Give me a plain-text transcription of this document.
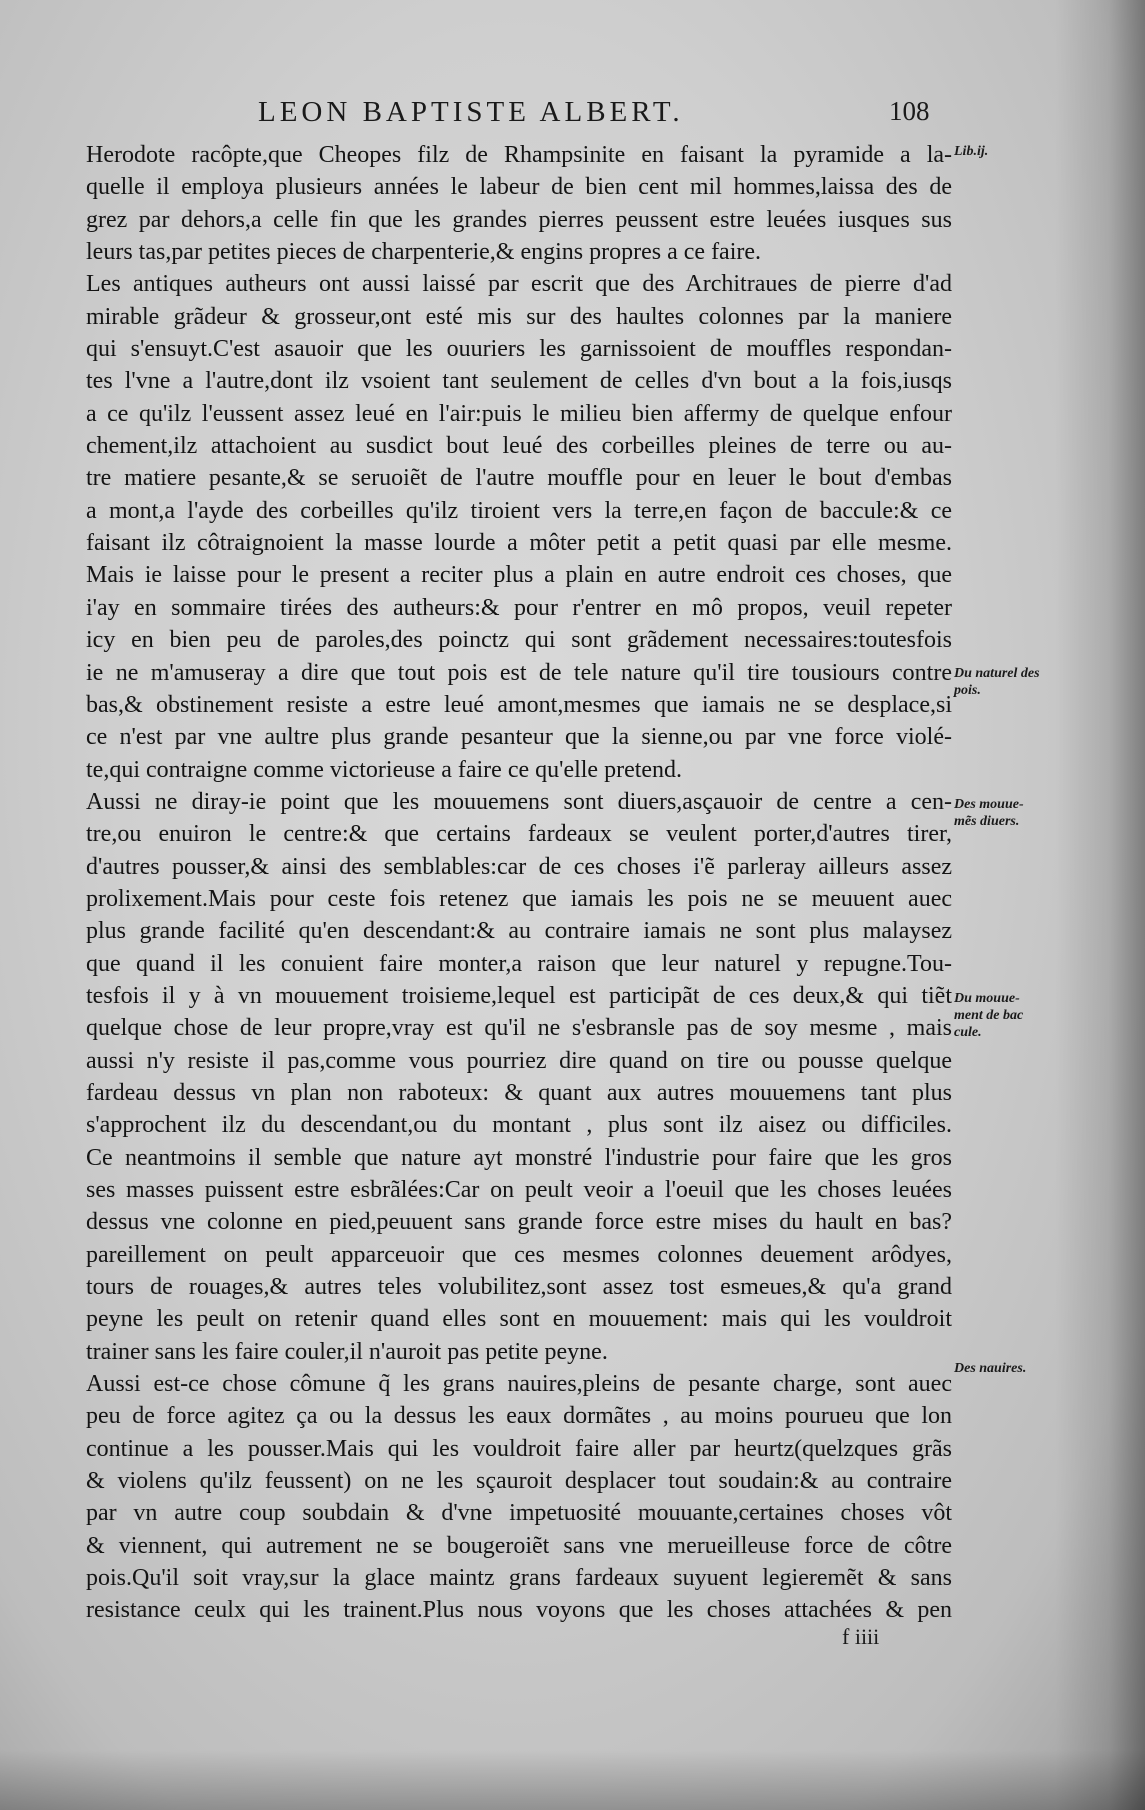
LEON BAPTISTE ALBERT.	108
Herodote racôpte,que Cheopes filz de Rhampsinite en faisant la pyramide a la-
quelle il employa plusieurs années le labeur de bien cent mil hommes,laissa des de
grez par dehors,a celle fin que les grandes pierres peussent estre leuées iusques sus
leurs tas,par petites pieces de charpenterie,& engins propres a ce faire.
Les antiques autheurs ont aussi laissé par escrit que des Architraues de pierre d'ad
mirable grãdeur & grosseur,ont esté mis sur des haultes colonnes par la maniere
qui s'ensuyt.C'est asauoir que les ouuriers les garnissoient de mouffles respondan-
tes l'vne a l'autre,dont ilz vsoient tant seulement de celles d'vn bout a la fois,iusqs
a ce qu'ilz l'eussent assez leué en l'air:puis le milieu bien affermy de quelque enfour
chement,ilz attachoient au susdict bout leué des corbeilles pleines de terre ou au-
tre matiere pesante,& se seruoiẽt de l'autre mouffle pour en leuer le bout d'embas
a mont,a l'ayde des corbeilles qu'ilz tiroient vers la terre,en façon de baccule:& ce
faisant ilz côtraignoient la masse lourde a môter petit a petit quasi par elle mesme.
Mais ie laisse pour le present a reciter plus a plain en autre endroit ces choses, que
i'ay en sommaire tirées des autheurs:& pour r'entrer en mô propos, veuil repeter
icy en bien peu de paroles,des poinctz qui sont grãdement necessaires:toutesfois
ie ne m'amuseray a dire que tout pois est de tele nature qu'il tire tousiours contre
bas,& obstinement resiste a estre leué amont,mesmes que iamais ne se desplace,si
ce n'est par vne aultre plus grande pesanteur que la sienne,ou par vne force violé-
te,qui contraigne comme victorieuse a faire ce qu'elle pretend.
Aussi ne diray-ie point que les mouuemens sont diuers,asçauoir de centre a cen-
tre,ou enuiron le centre:& que certains fardeaux se veulent porter,d'autres tirer,
d'autres pousser,& ainsi des semblables:car de ces choses i'ẽ parleray ailleurs assez
prolixement.Mais pour ceste fois retenez que iamais les pois ne se meuuent auec
plus grande facilité qu'en descendant:& au contraire iamais ne sont plus malaysez
que quand il les conuient faire monter,a raison que leur naturel y repugne.Tou-
tesfois il y à vn mouuement troisieme,lequel est participãt de ces deux,& qui tiẽt
quelque chose de leur propre,vray est qu'il ne s'esbransle pas de soy mesme , mais
aussi n'y resiste il pas,comme vous pourriez dire quand on tire ou pousse quelque
fardeau dessus vn plan non raboteux: & quant aux autres mouuemens tant plus
s'approchent ilz du descendant,ou du montant , plus sont ilz aisez ou difficiles.
Ce neantmoins il semble que nature ayt monstré l'industrie pour faire que les gros
ses masses puissent estre esbrãlées:Car on peult veoir a l'oeuil que les choses leuées
dessus vne colonne en pied,peuuent sans grande force estre mises du hault en bas?
pareillement on peult apparceuoir que ces mesmes colonnes deuement arôdyes,
tours de rouages,& autres teles volubilitez,sont assez tost esmeues,& qu'a grand
peyne les peult on retenir quand elles sont en mouuement: mais qui les vouldroit
trainer sans les faire couler,il n'auroit pas petite peyne.
Aussi est-ce chose cômune q̃ les grans nauires,pleins de pesante charge, sont auec
peu de force agitez ça ou la dessus les eaux dormãtes , au moins pourueu que lon
continue a les pousser.Mais qui les vouldroit faire aller par heurtz(quelzques grãs
& violens qu'ilz feussent) on ne les sçauroit desplacer tout soudain:& au contraire
par vn autre coup soubdain & d'vne impetuosité mouuante,certaines choses vôt
& viennent, qui autrement ne se bougeroiẽt sans vne merueilleuse force de côtre
pois.Qu'il soit vray,sur la glace maintz grans fardeaux suyuent legieremẽt & sans
resistance ceulx qui les trainent.Plus nous voyons que les choses attachées & pen
Lib.ij.
Du naturel des pois.
Des mouue-mẽs diuers.
Du mouue-ment de bac cule.
Des nauires.
f iiii
